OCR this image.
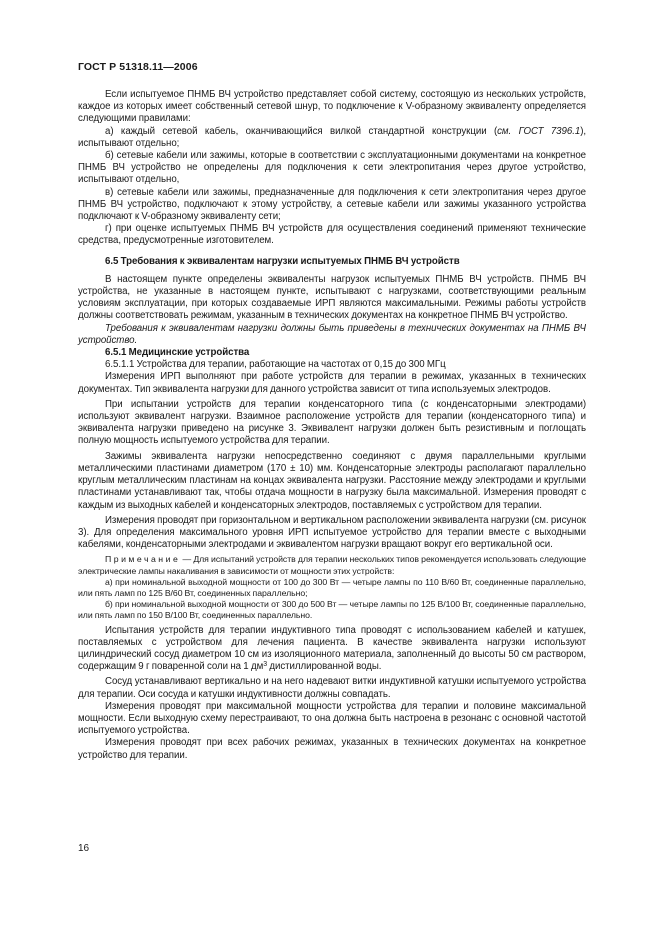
ГОСТ Р 51318.11—2006

Если испытуемое ПНМБ ВЧ устройство представляет собой систему, состоящую из нескольких устройств, каждое из которых имеет собственный сетевой шнур, то подключение к V-образному эквиваленту определяется следующими правилами:

а) каждый сетевой кабель, оканчивающийся вилкой стандартной конструкции (см. ГОСТ 7396.1), испытывают отдельно;

б) сетевые кабели или зажимы, которые в соответствии с эксплуатационными документами на конкретное ПНМБ ВЧ устройство не определены для подключения к сети электропитания через другое устройство, испытывают отдельно,

в) сетевые кабели или зажимы, предназначенные для подключения к сети электропитания через другое ПНМБ ВЧ устройство, подключают к этому устройству, а сетевые кабели или зажимы указанного устройства подключают к V-образному эквиваленту сети;

г) при оценке испытуемых ПНМБ ВЧ устройств для осуществления соединений применяют технические средства, предусмотренные изготовителем.

6.5 Требования к эквивалентам нагрузки испытуемых ПНМБ ВЧ устройств

В настоящем пункте определены эквиваленты нагрузок испытуемых ПНМБ ВЧ устройств. ПНМБ ВЧ устройства, не указанные в настоящем пункте, испытывают с нагрузками, соответствующими реальным условиям эксплуатации, при которых создаваемые ИРП являются максимальными. Режимы работы устройств должны соответствовать режимам, указанным в технических документах на конкретное ПНМБ ВЧ устройство.

Требования к эквивалентам нагрузки должны быть приведены в технических документах на ПНМБ ВЧ устройство.

6.5.1 Медицинские устройства

6.5.1.1 Устройства для терапии, работающие на частотах от 0,15 до 300 МГц

Измерения ИРП выполняют при работе устройств для терапии в режимах, указанных в технических документах. Тип эквивалента нагрузки для данного устройства зависит от типа используемых электродов.

При испытании устройств для терапии конденсаторного типа (с конденсаторными электродами) используют эквивалент нагрузки. Взаимное расположение устройств для терапии (конденсаторного типа) и эквивалента нагрузки приведено на рисунке 3. Эквивалент нагрузки должен быть резистивным и поглощать полную мощность испытуемого устройства для терапии.

Зажимы эквивалента нагрузки непосредственно соединяют с двумя параллельными круглыми металлическими пластинами диаметром (170 ± 10) мм. Конденсаторные электроды располагают параллельно круглым металлическим пластинам на концах эквивалента нагрузки. Расстояние между электродами и круглыми пластинами устанавливают так, чтобы отдача мощности в нагрузку была максимальной. Измерения проводят с каждым из выходных кабелей и конденсаторных электродов, поставляемых с устройством для терапии.

Измерения проводят при горизонтальном и вертикальном расположении эквивалента нагрузки (см. рисунок 3). Для определения максимального уровня ИРП испытуемое устройство для терапии вместе с выходными кабелями, конденсаторными электродами и эквивалентом нагрузки вращают вокруг его вертикальной оси.

Примечание — Для испытаний устройств для терапии нескольких типов рекомендуется использовать следующие электрические лампы накаливания в зависимости от мощности этих устройств:

а) при номинальной выходной мощности от 100 до 300 Вт — четыре лампы по 110 В/60 Вт, соединенные параллельно, или пять ламп по 125 В/60 Вт, соединенных параллельно;

б) при номинальной выходной мощности от 300 до 500 Вт — четыре лампы по 125 В/100 Вт, соединенные параллельно, или пять ламп по 150 В/100 Вт, соединенных параллельно.

Испытания устройств для терапии индуктивного типа проводят с использованием кабелей и катушек, поставляемых с устройством для лечения пациента. В качестве эквивалента нагрузки используют цилиндрический сосуд диаметром 10 см из изоляционного материала, заполненный до высоты 50 см раствором, содержащим 9 г поваренной соли на 1 $дм^3$ дистиллированной воды.

Сосуд устанавливают вертикально и на него надевают витки индуктивной катушки испытуемого устройства для терапии. Оси сосуда и катушки индуктивности должны совпадать.

Измерения проводят при максимальной мощности устройства для терапии и половине максимальной мощности. Если выходную схему перестраивают, то она должна быть настроена в резонанс с основной частотой испытуемого устройства.

Измерения проводят при всех рабочих режимах, указанных в технических документах на конкретное устройство для терапии.

16
